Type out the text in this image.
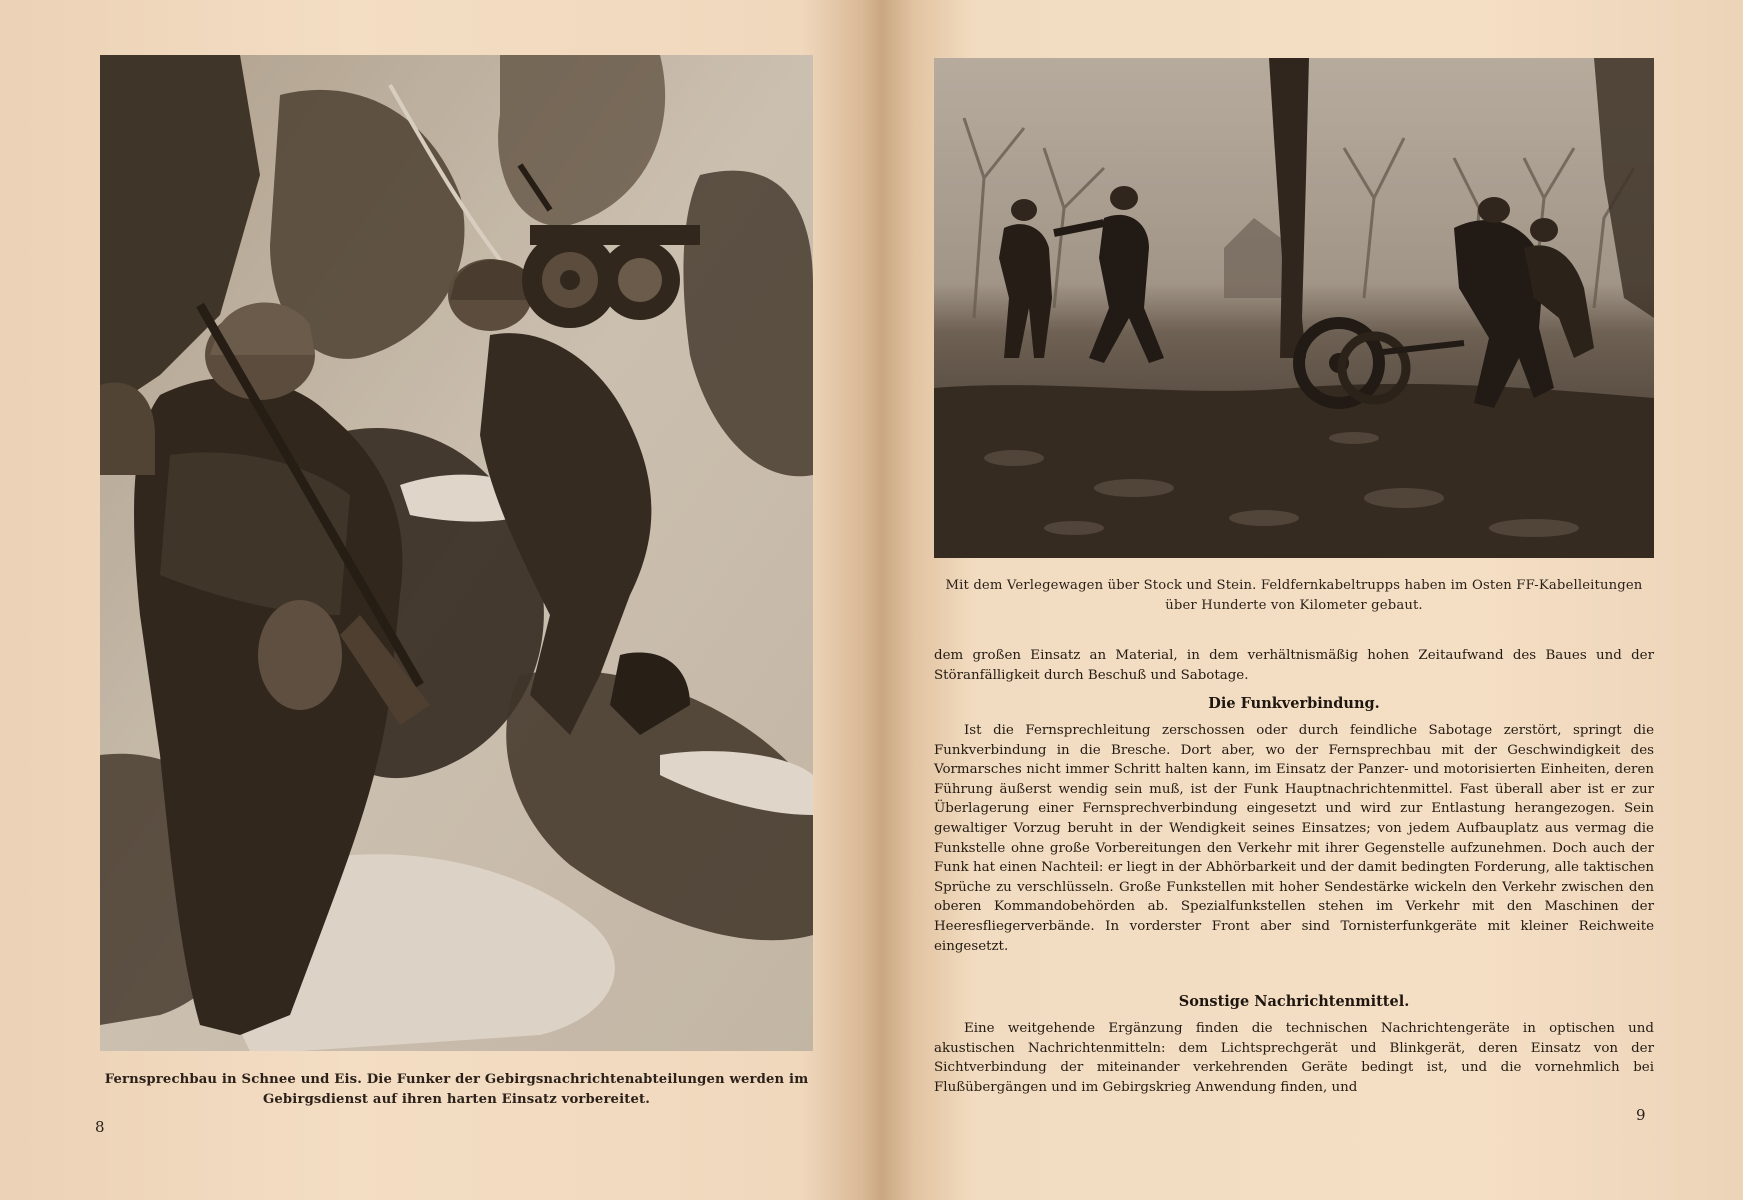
Fernsprechbau in Schnee und Eis. Die Funker der Gebirgsnachrichtenabteilungen werden im Gebirgsdienst auf ihren harten Einsatz vorbereitet.
8
Mit dem Verlegewagen über Stock und Stein. Feldfernkabeltrupps haben im Osten FF-Kabelleitungen über Hunderte von Kilometer gebaut.

dem großen Einsatz an Material, in dem verhältnismäßig hohen Zeitaufwand des Baues und der Störanfälligkeit durch Beschuß und Sabotage.

Die Funkverbindung.

Ist die Fernsprechleitung zerschossen oder durch feindliche Sabotage zerstört, springt die Funkverbindung in die Bresche. Dort aber, wo der Fernsprechbau mit der Geschwindigkeit des Vormarsches nicht immer Schritt halten kann, im Einsatz der Panzer- und motorisierten Einheiten, deren Führung äußerst wendig sein muß, ist der Funk Hauptnachrichtenmittel. Fast überall aber ist er zur Überlagerung einer Fernsprechverbindung eingesetzt und wird zur Entlastung herangezogen. Sein gewaltiger Vorzug beruht in der Wendigkeit seines Einsatzes; von jedem Aufbauplatz aus vermag die Funkstelle ohne große Vorbereitungen den Verkehr mit ihrer Gegenstelle aufzunehmen. Doch auch der Funk hat einen Nachteil: er liegt in der Abhörbarkeit und der damit bedingten Forderung, alle taktischen Sprüche zu verschlüsseln. Große Funkstellen mit hoher Sendestärke wickeln den Verkehr zwischen den oberen Kommandobehörden ab. Spezialfunkstellen stehen im Verkehr mit den Maschinen der Heeresfliegerverbände. In vorderster Front aber sind Tornisterfunkgeräte mit kleiner Reichweite eingesetzt.

Sonstige Nachrichtenmittel.

Eine weitgehende Ergänzung finden die technischen Nachrichtengeräte in optischen und akustischen Nachrichtenmitteln: dem Lichtsprechgerät und Blinkgerät, deren Einsatz von der Sichtverbindung der miteinander verkehrenden Geräte bedingt ist, und die vornehmlich bei Flußübergängen und im Gebirgskrieg Anwendung finden, und

9
